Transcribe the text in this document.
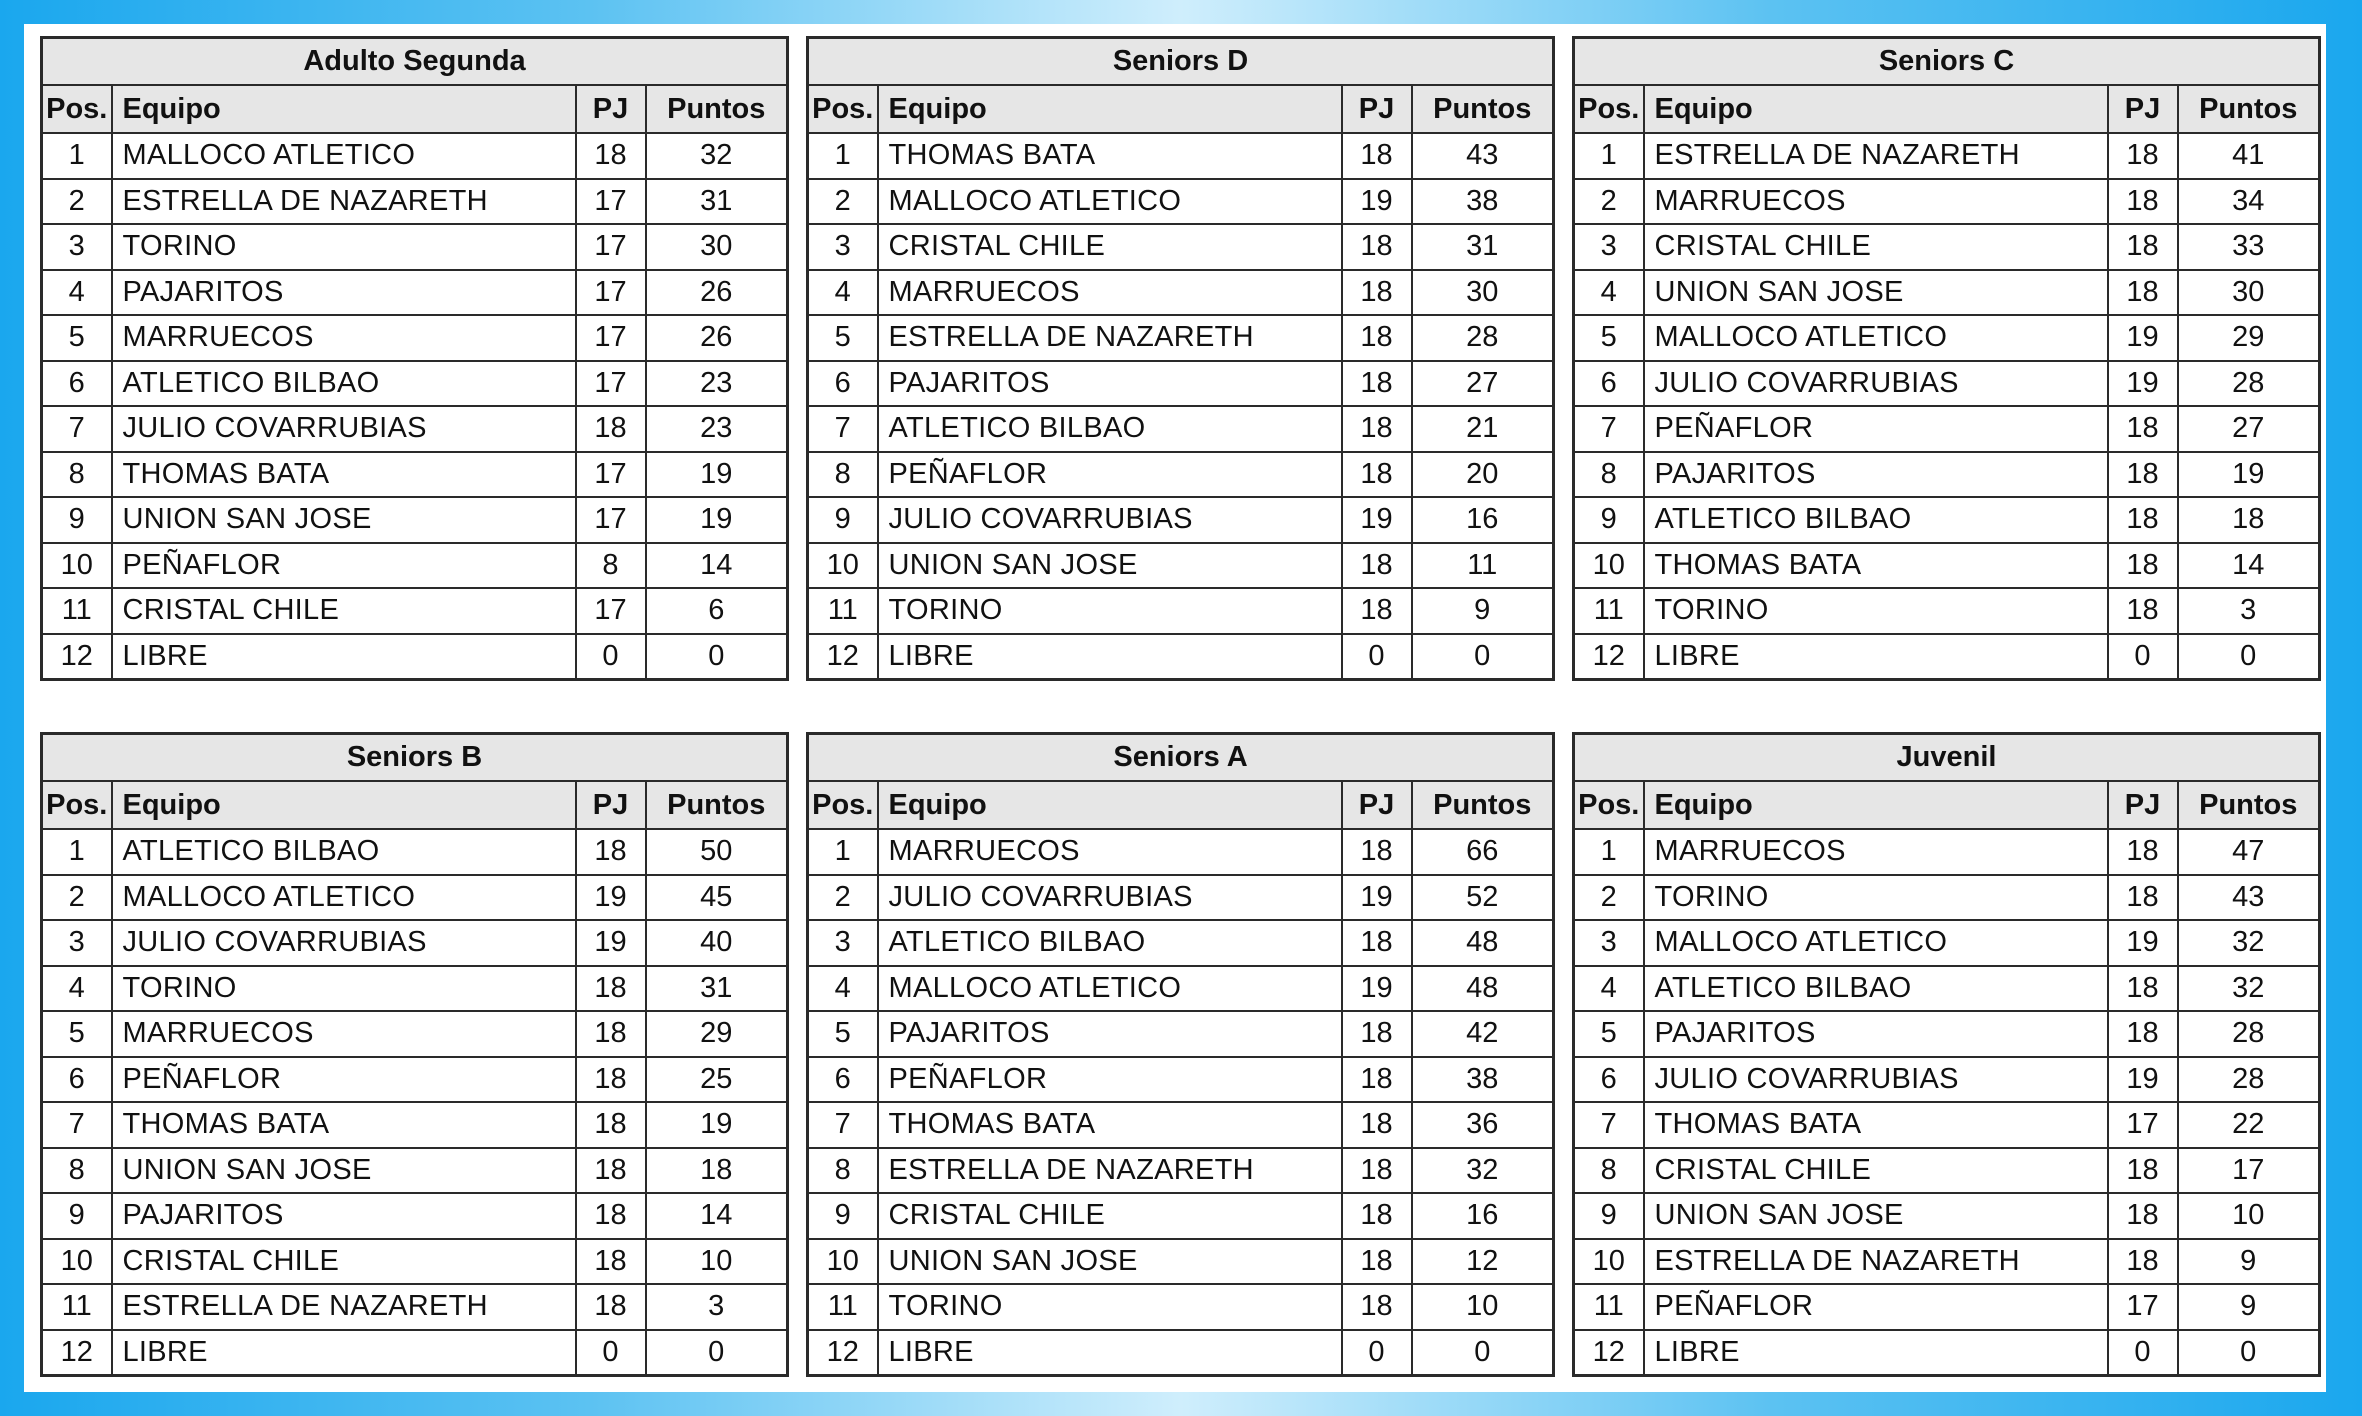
Adulto Segunda			
Pos.	Equipo	PJ	Puntos
1	MALLOCO ATLETICO	18	32
2	ESTRELLA DE NAZARETH	17	31
3	TORINO	17	30
4	PAJARITOS	17	26
5	MARRUECOS	17	26
6	ATLETICO BILBAO	17	23
7	JULIO COVARRUBIAS	18	23
8	THOMAS BATA	17	19
9	UNION SAN JOSE	17	19
10	PEÑAFLOR	8	14
11	CRISTAL CHILE	17	6
12	LIBRE	0	0
Seniors D			
Pos.	Equipo	PJ	Puntos
1	THOMAS BATA	18	43
2	MALLOCO ATLETICO	19	38
3	CRISTAL CHILE	18	31
4	MARRUECOS	18	30
5	ESTRELLA DE NAZARETH	18	28
6	PAJARITOS	18	27
7	ATLETICO BILBAO	18	21
8	PEÑAFLOR	18	20
9	JULIO COVARRUBIAS	19	16
10	UNION SAN JOSE	18	11
11	TORINO	18	9
12	LIBRE	0	0
Seniors C			
Pos.	Equipo	PJ	Puntos
1	ESTRELLA DE NAZARETH	18	41
2	MARRUECOS	18	34
3	CRISTAL CHILE	18	33
4	UNION SAN JOSE	18	30
5	MALLOCO ATLETICO	19	29
6	JULIO COVARRUBIAS	19	28
7	PEÑAFLOR	18	27
8	PAJARITOS	18	19
9	ATLETICO BILBAO	18	18
10	THOMAS BATA	18	14
11	TORINO	18	3
12	LIBRE	0	0
Seniors B			
Pos.	Equipo	PJ	Puntos
1	ATLETICO BILBAO	18	50
2	MALLOCO ATLETICO	19	45
3	JULIO COVARRUBIAS	19	40
4	TORINO	18	31
5	MARRUECOS	18	29
6	PEÑAFLOR	18	25
7	THOMAS BATA	18	19
8	UNION SAN JOSE	18	18
9	PAJARITOS	18	14
10	CRISTAL CHILE	18	10
11	ESTRELLA DE NAZARETH	18	3
12	LIBRE	0	0
Seniors A			
Pos.	Equipo	PJ	Puntos
1	MARRUECOS	18	66
2	JULIO COVARRUBIAS	19	52
3	ATLETICO BILBAO	18	48
4	MALLOCO ATLETICO	19	48
5	PAJARITOS	18	42
6	PEÑAFLOR	18	38
7	THOMAS BATA	18	36
8	ESTRELLA DE NAZARETH	18	32
9	CRISTAL CHILE	18	16
10	UNION SAN JOSE	18	12
11	TORINO	18	10
12	LIBRE	0	0
Juvenil			
Pos.	Equipo	PJ	Puntos
1	MARRUECOS	18	47
2	TORINO	18	43
3	MALLOCO ATLETICO	19	32
4	ATLETICO BILBAO	18	32
5	PAJARITOS	18	28
6	JULIO COVARRUBIAS	19	28
7	THOMAS BATA	17	22
8	CRISTAL CHILE	18	17
9	UNION SAN JOSE	18	10
10	ESTRELLA DE NAZARETH	18	9
11	PEÑAFLOR	17	9
12	LIBRE	0	0
